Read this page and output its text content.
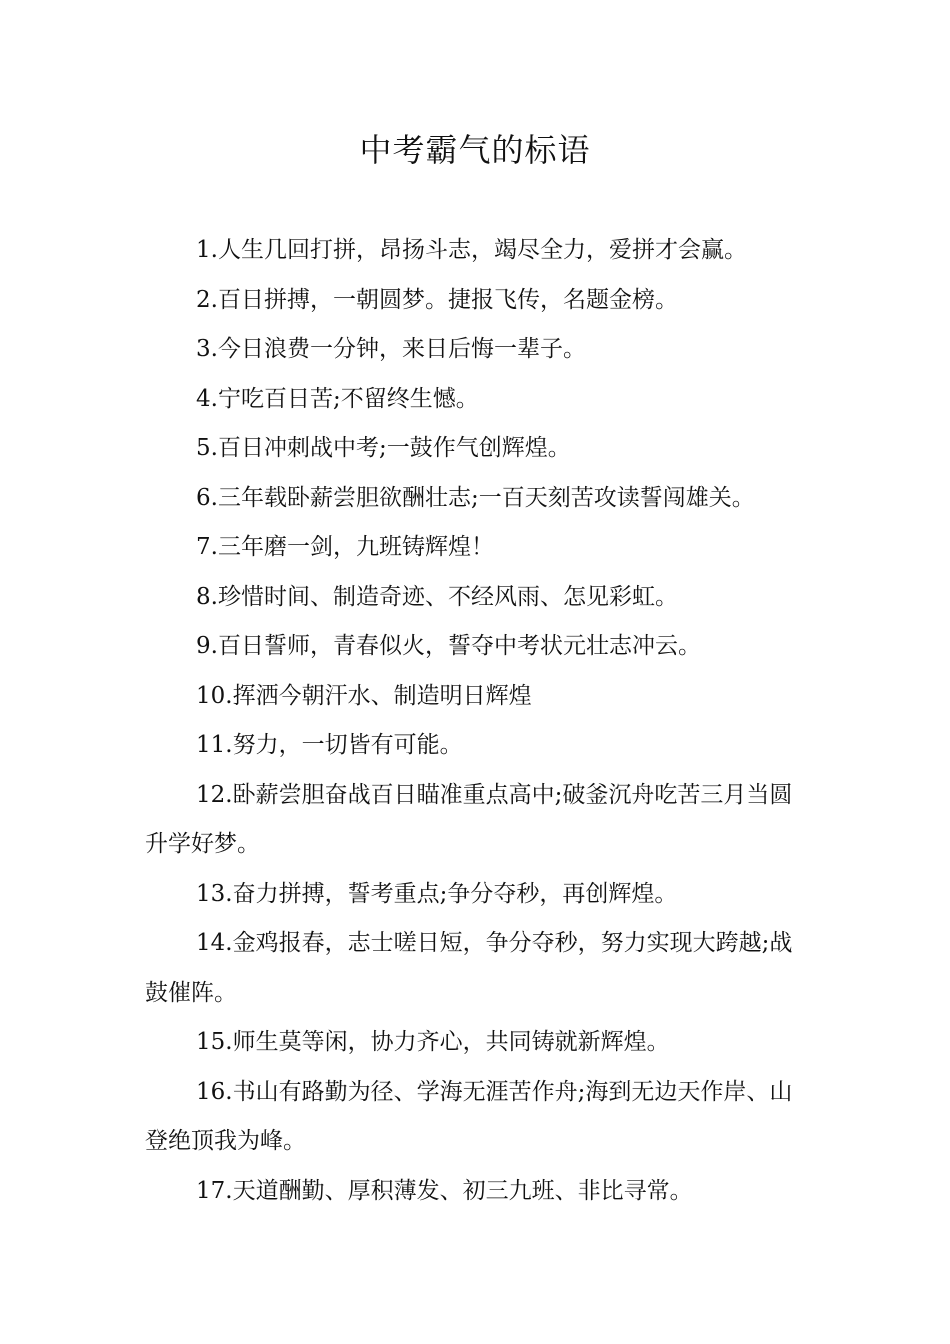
中考霸气的标语
1.人生几回打拼，昂扬斗志，竭尽全力，爱拼才会赢。
2.百日拼搏，一朝圆梦。捷报飞传，名题金榜。
3.今日浪费一分钟，来日后悔一辈子。
4.宁吃百日苦;不留终生憾。
5.百日冲刺战中考;一鼓作气创辉煌。
6.三年载卧薪尝胆欲酬壮志;一百天刻苦攻读誓闯雄关。
7.三年磨一剑，九班铸辉煌！
8.珍惜时间、制造奇迹、不经风雨、怎见彩虹。
9.百日誓师，青春似火，誓夺中考状元壮志冲云。
10.挥洒今朝汗水、制造明日辉煌
11.努力，一切皆有可能。
12.卧薪尝胆奋战百日瞄准重点高中;破釜沉舟吃苦三月当圆升学好梦。
13.奋力拼搏，誓考重点;争分夺秒，再创辉煌。
14.金鸡报春，志士嗟日短，争分夺秒，努力实现大跨越;战鼓催阵。
15.师生莫等闲，协力齐心，共同铸就新辉煌。
16.书山有路勤为径、学海无涯苦作舟;海到无边天作岸、山登绝顶我为峰。
17.天道酬勤、厚积薄发、初三九班、非比寻常。
